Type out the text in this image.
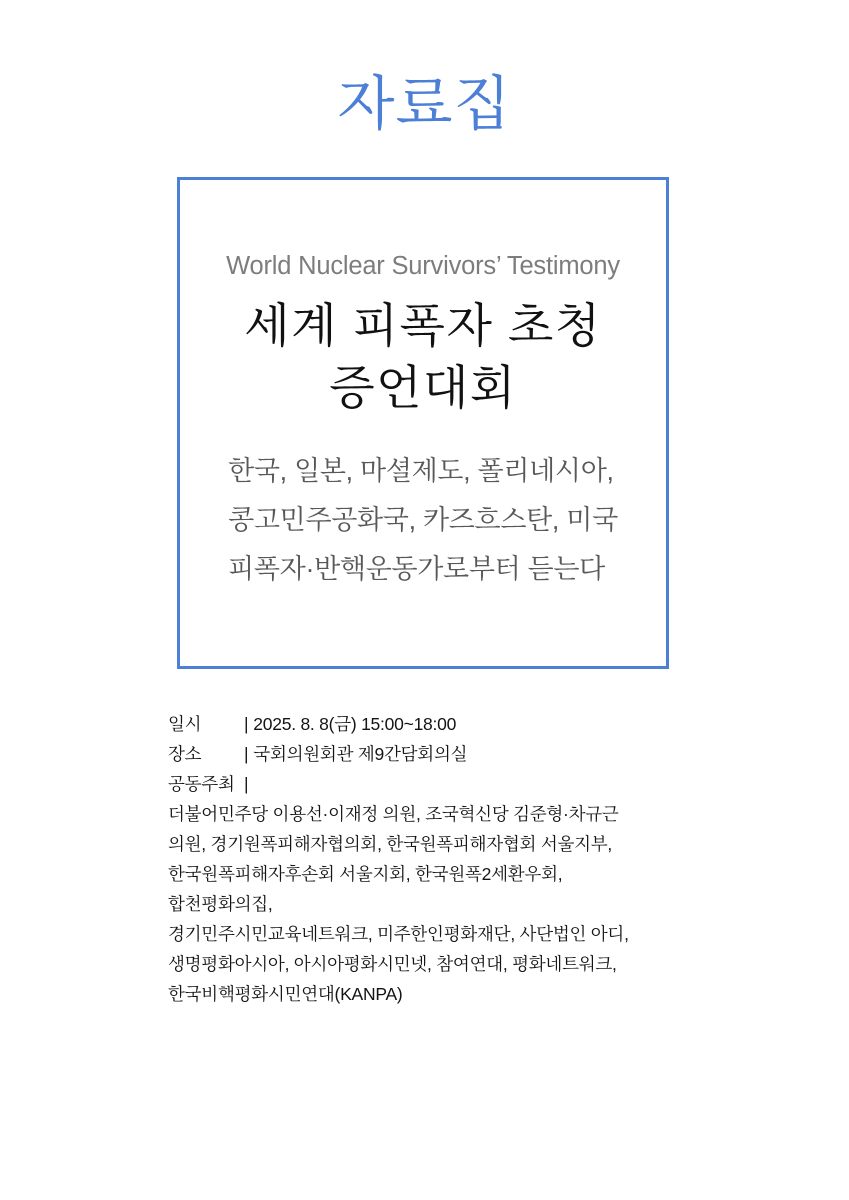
자료집
World Nuclear Survivors’ Testimony
세계 피폭자 초청
증언대회
한국, 일본, 마셜제도, 폴리네시아,
콩고민주공화국, 카즈흐스탄, 미국
피폭자·반핵운동가로부터 듣는다
일시 | 2025. 8. 8(금) 15:00~18:00
장소 | 국회의원회관 제9간담회의실
공동주최 |
더불어민주당 이용선·이재정 의원, 조국혁신당 김준형·차규근
의원, 경기원폭피해자협의회, 한국원폭피해자협회 서울지부,
한국원폭피해자후손회 서울지회, 한국원폭2세환우회,
합천평화의집,
경기민주시민교육네트워크, 미주한인평화재단, 사단법인 아디,
생명평화아시아, 아시아평화시민넷, 참여연대, 평화네트워크,
한국비핵평화시민연대(KANPA)
